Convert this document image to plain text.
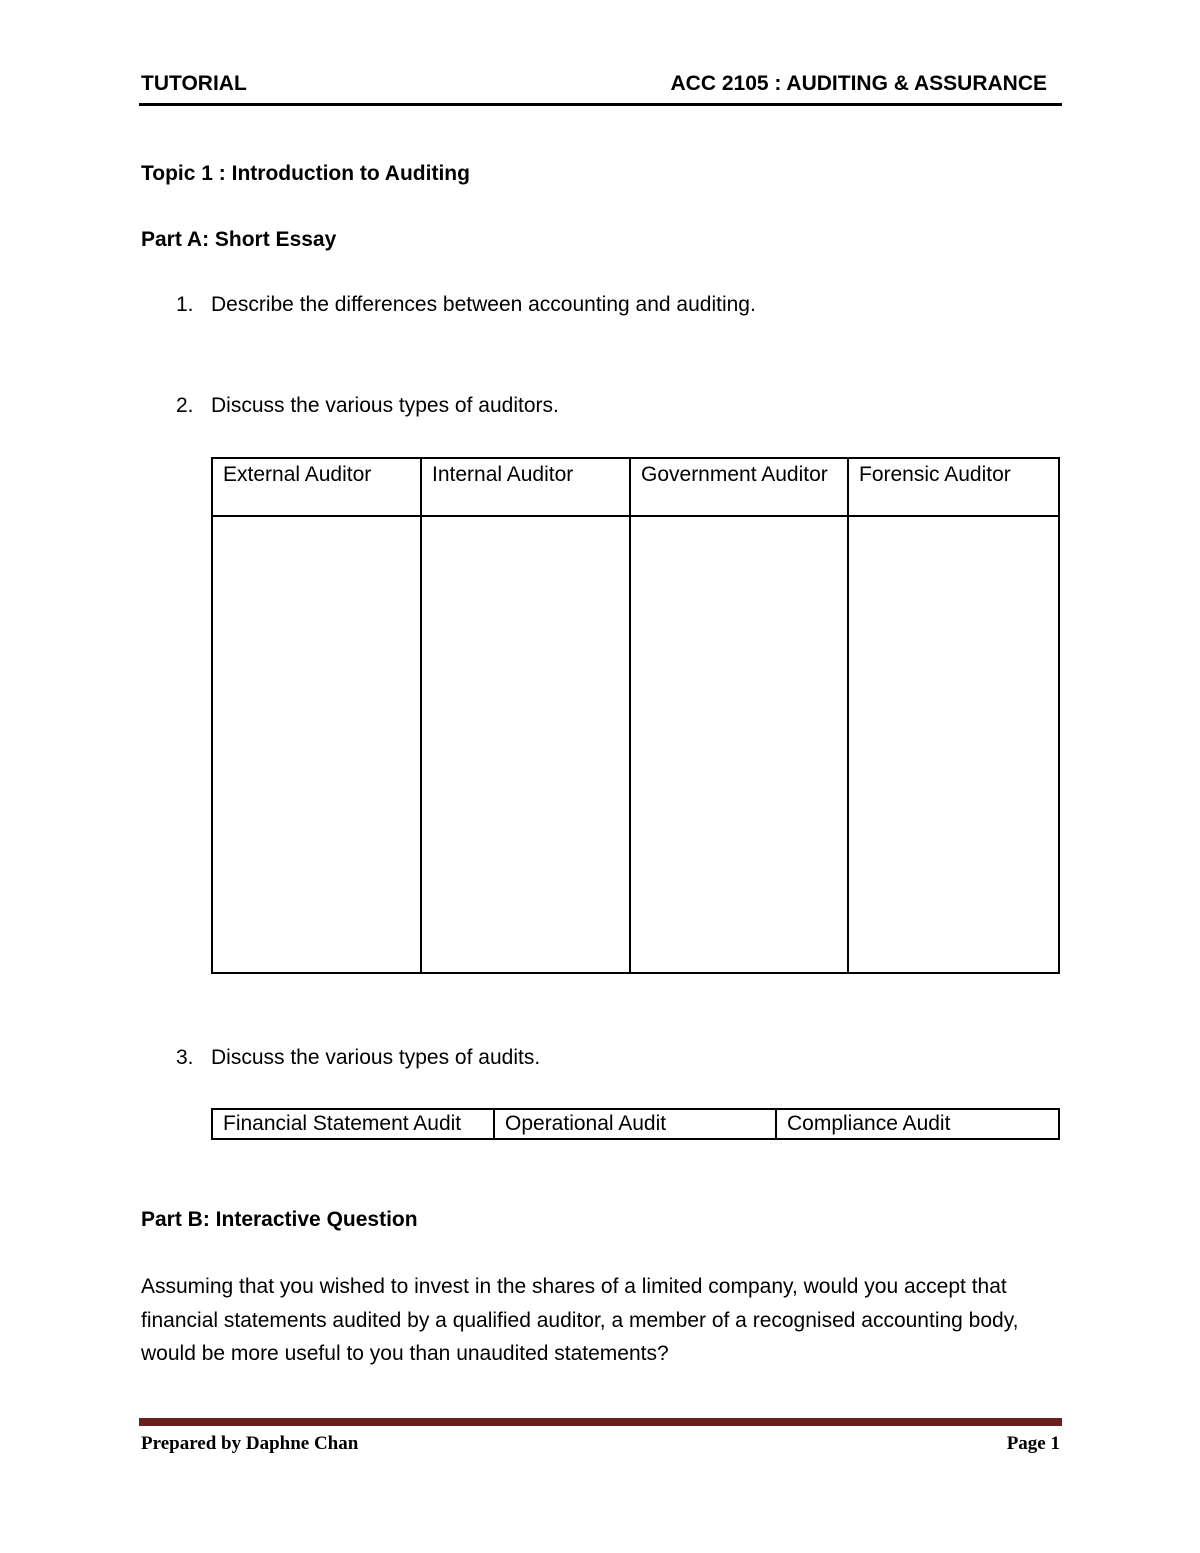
TUTORIAL	ACC 2105 : AUDITING & ASSURANCE
Topic 1 : Introduction to Auditing
Part A: Short Essay
1. Describe the differences between accounting and auditing.
2. Discuss the various types of auditors.
External Auditor	Internal Auditor	Government Auditor	Forensic Auditor

3. Discuss the various types of audits.
Financial Statement Audit	Operational Audit	Compliance Audit
Part B: Interactive Question
Assuming that you wished to invest in the shares of a limited company, would you accept that financial statements audited by a qualified auditor, a member of a recognised accounting body, would be more useful to you than unaudited statements?
Prepared by Daphne Chan	Page 1
